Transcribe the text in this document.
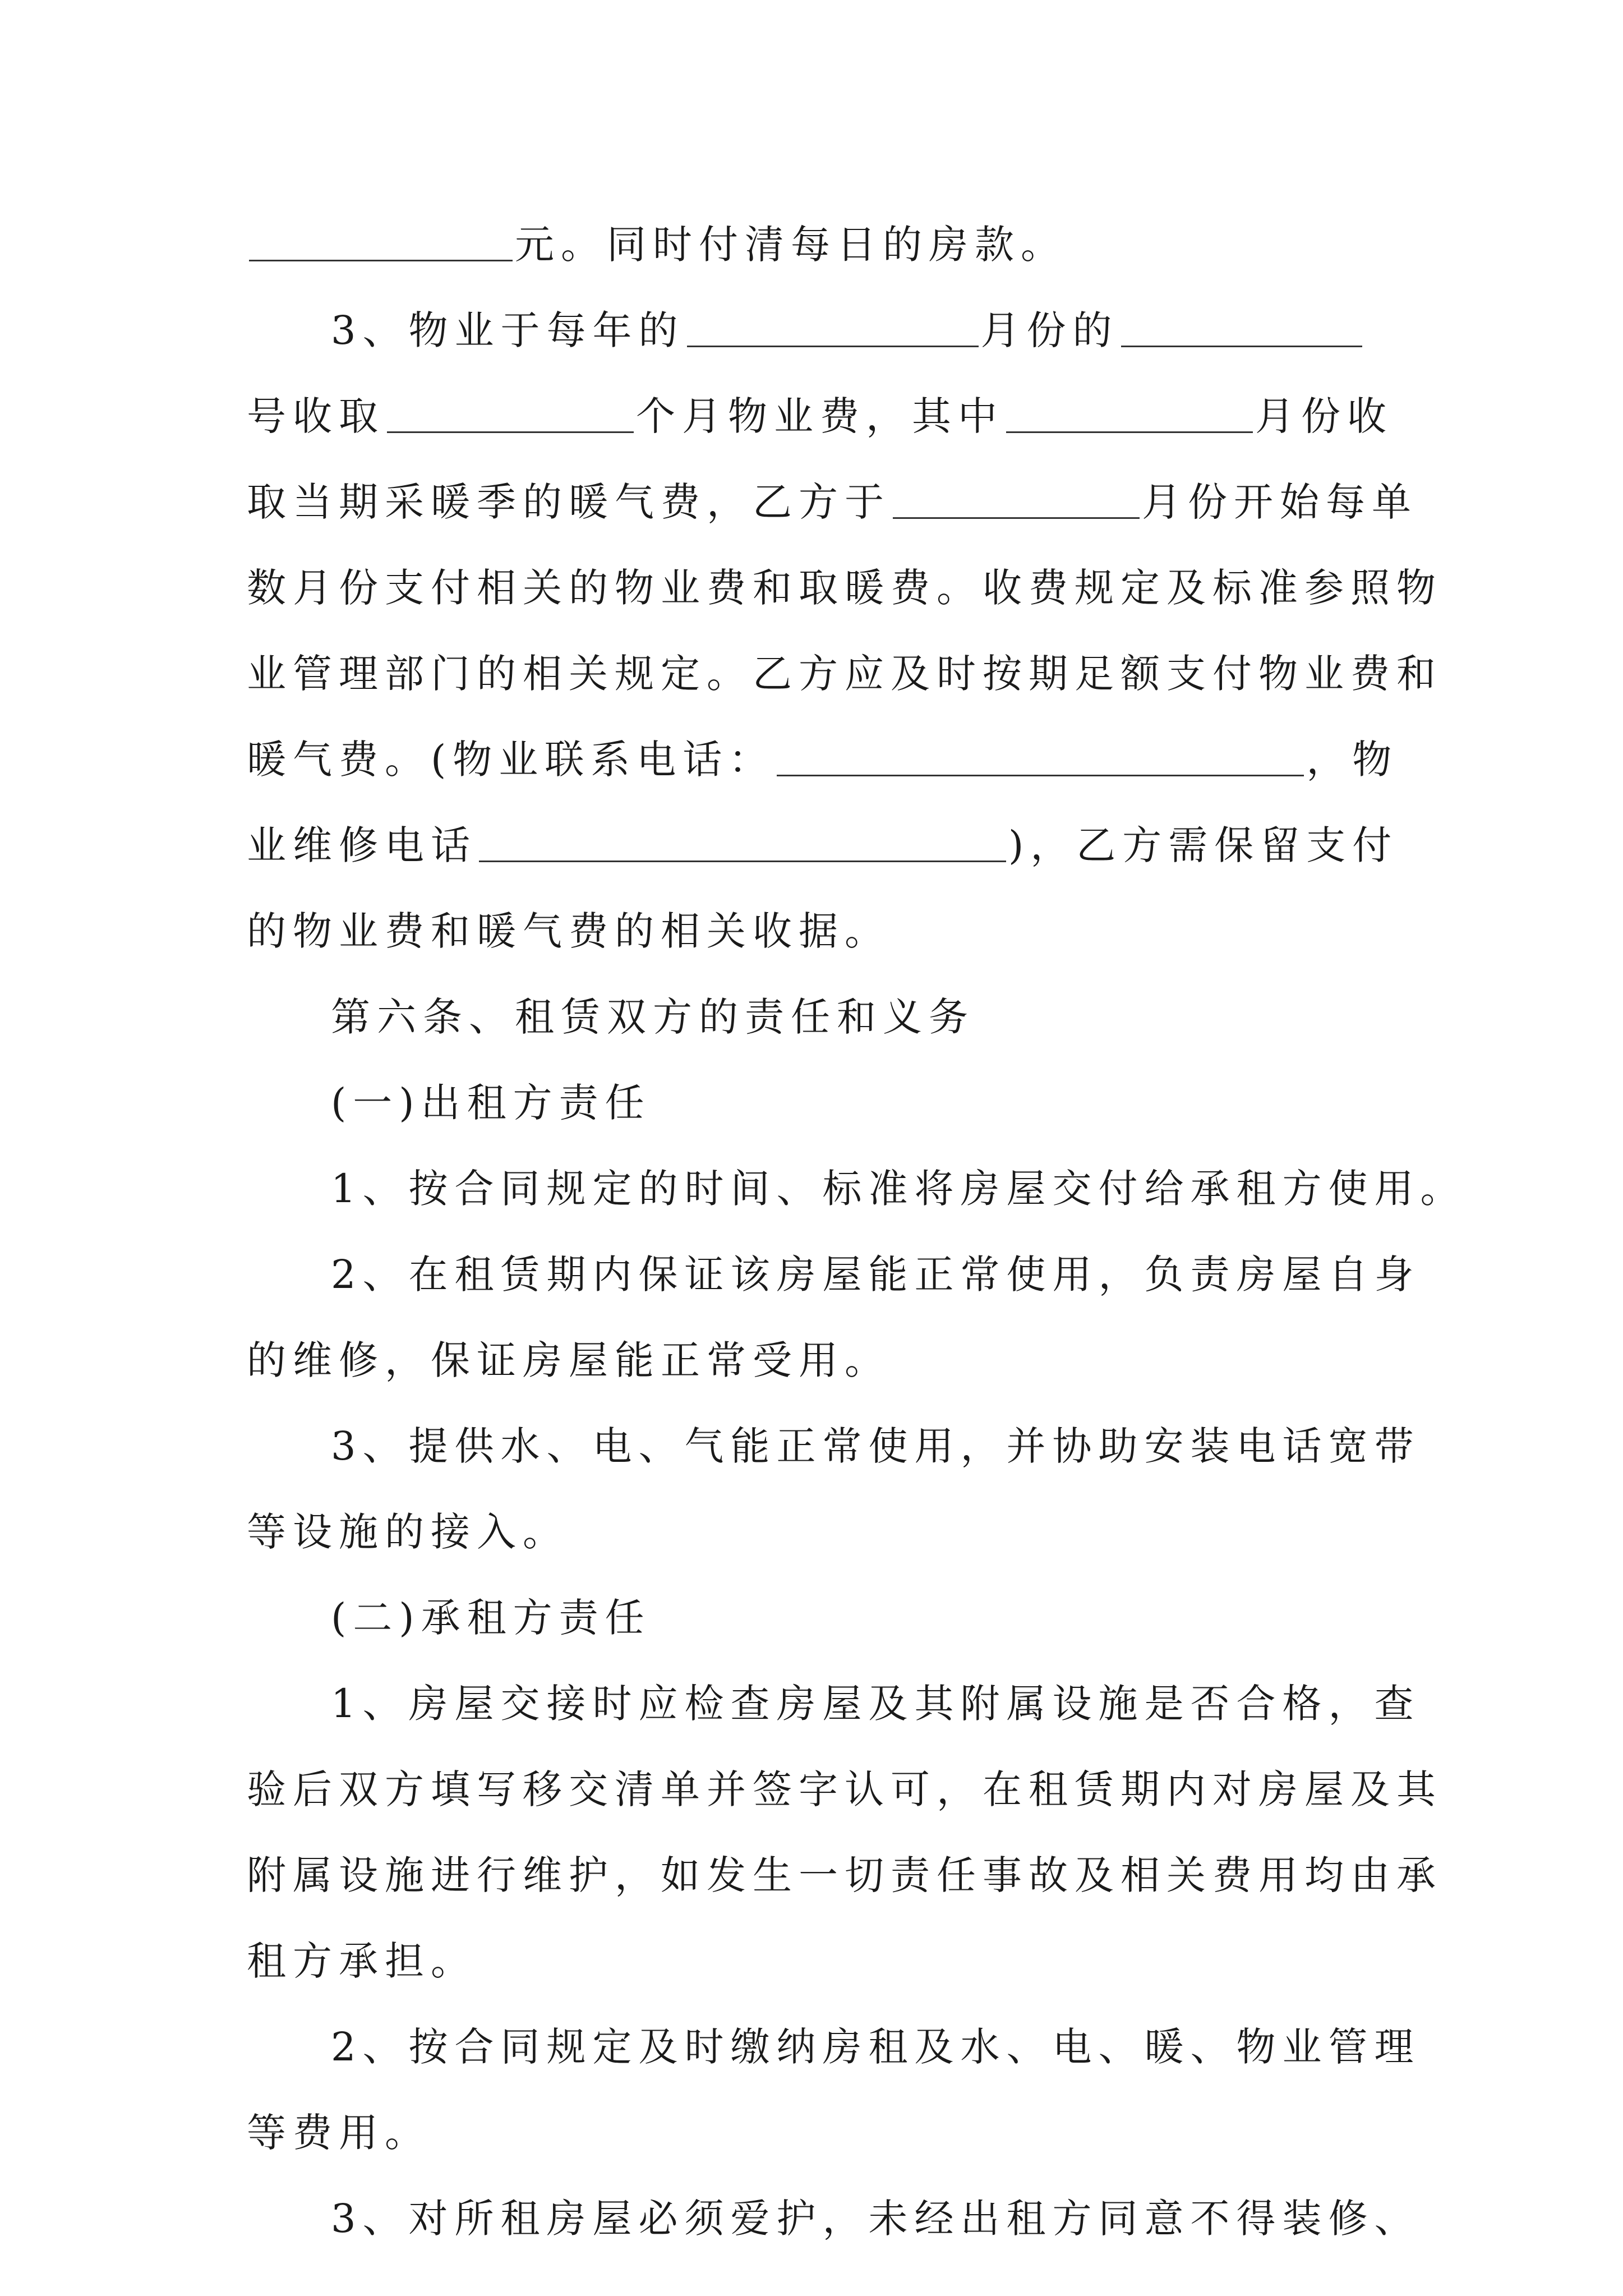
元。同时付清每日的房款。
3、物业于每年的	月份的
号收取	个月物业费，其中	月份收
取当期采暖季的暖气费，乙方于	月份开始每单
数月份支付相关的物业费和取暖费。收费规定及标准参照物
业管理部门的相关规定。乙方应及时按期足额支付物业费和
暖气费。(物业联系电话：	，物
业维修电话	)，乙方需保留支付
的物业费和暖气费的相关收据。
第六条、租赁双方的责任和义务
(一)出租方责任
1、按合同规定的时间、标准将房屋交付给承租方使用。
2、在租赁期内保证该房屋能正常使用，负责房屋自身
的维修，保证房屋能正常受用。
3、提供水、电、气能正常使用，并协助安装电话宽带
等设施的接入。
(二)承租方责任
1、房屋交接时应检查房屋及其附属设施是否合格，查
验后双方填写移交清单并签字认可，在租赁期内对房屋及其
附属设施进行维护，如发生一切责任事故及相关费用均由承
租方承担。
2、按合同规定及时缴纳房租及水、电、暖、物业管理
等费用。
3、对所租房屋必须爱护，未经出租方同意不得装修、
